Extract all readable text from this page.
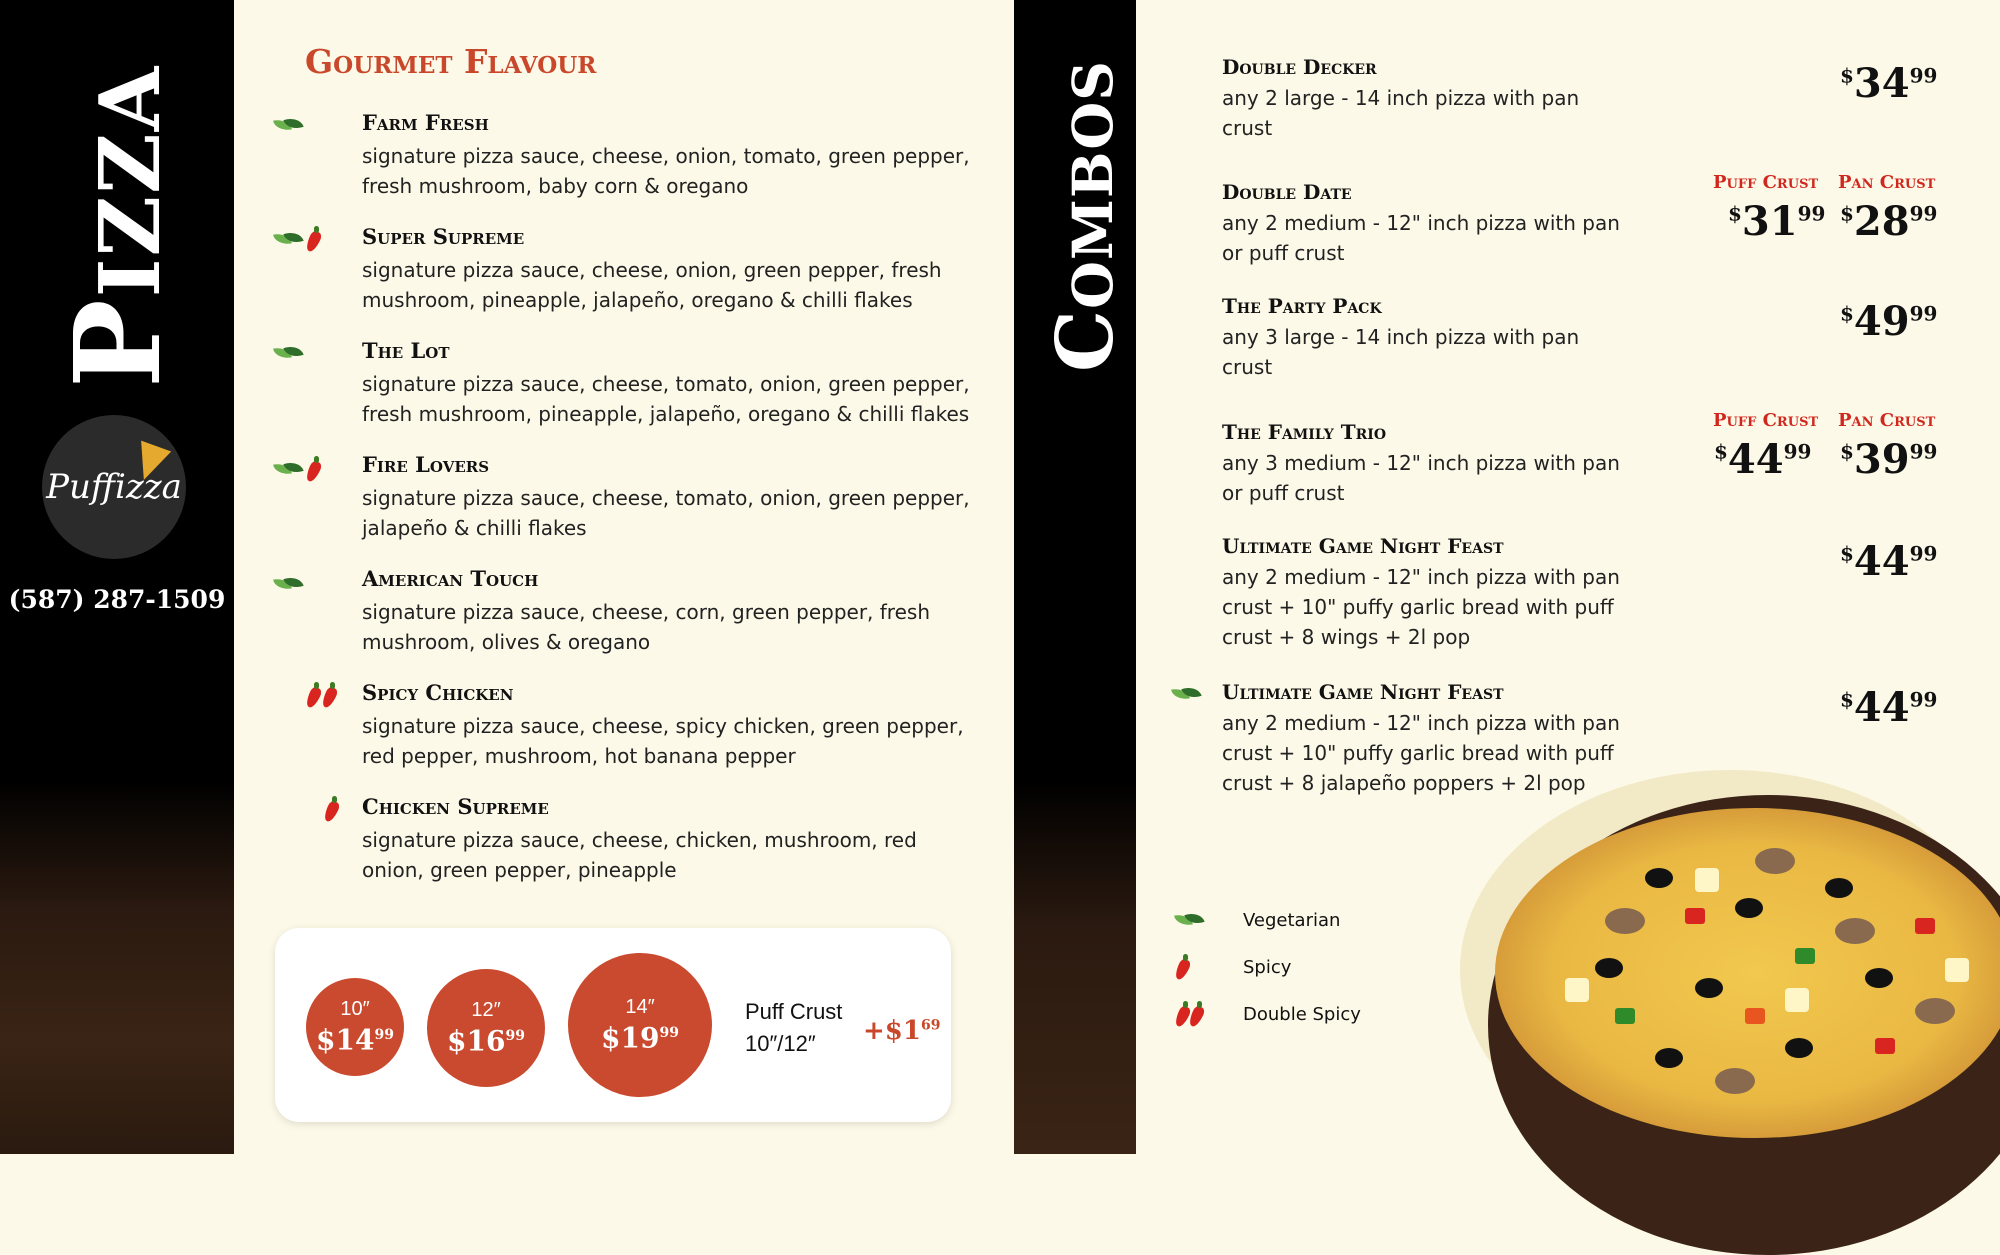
Pizza
Puffizza
(587) 287-1509
Gourmet Flavour
Farm Fresh
signature pizza sauce, cheese, onion, tomato, green pepper, fresh mushroom, baby corn & oregano
Super Supreme
signature pizza sauce, cheese, onion, green pepper, fresh mushroom, pineapple, jalapeño, oregano & chilli flakes
The Lot
signature pizza sauce, cheese, tomato, onion, green pepper, fresh mushroom, pineapple, jalapeño, oregano & chilli flakes
Fire Lovers
signature pizza sauce, cheese, tomato, onion, green pepper, jalapeño & chilli flakes
American Touch
signature pizza sauce, cheese, corn, green pepper, fresh mushroom, olives & oregano
Spicy Chicken
signature pizza sauce, cheese, spicy chicken, green pepper, red pepper, mushroom, hot banana pepper
Chicken Supreme
signature pizza sauce, cheese, chicken, mushroom, red onion, green pepper, pineapple
10″
$\$14^{99}$
12″
$\$16^{99}$
14″
$\$19^{99}$
Puff Crust
10″/12″	$+\$1^{69}$
Combos	Double Decker
any 2 large - 14 inch pizza with pan crust
$^{\$}34^{99}$
Puff Crust Pan Crust
Double Date
any 2 medium - 12" inch pizza with pan or puff crust
$^{\$}31^{99}$ $^{\$}28^{99}$
The Party Pack
any 3 large - 14 inch pizza with pan crust
$^{\$}49^{99}$
Puff Crust Pan Crust
The Family Trio
any 3 medium - 12" inch pizza with pan or puff crust
$^{\$}44^{99}$ $^{\$}39^{99}$
Ultimate Game Night Feast
any 2 medium - 12" inch pizza with pan crust + 10" puffy garlic bread with puff crust + 8 wings + 2l pop
$^{\$}44^{99}$
Ultimate Game Night Feast
any 2 medium - 12" inch pizza with pan crust + 10" puffy garlic bread with puff crust + 8 jalapeño poppers + 2l pop
$^{\$}44^{99}$
Vegetarian
Spicy
Double Spicy
